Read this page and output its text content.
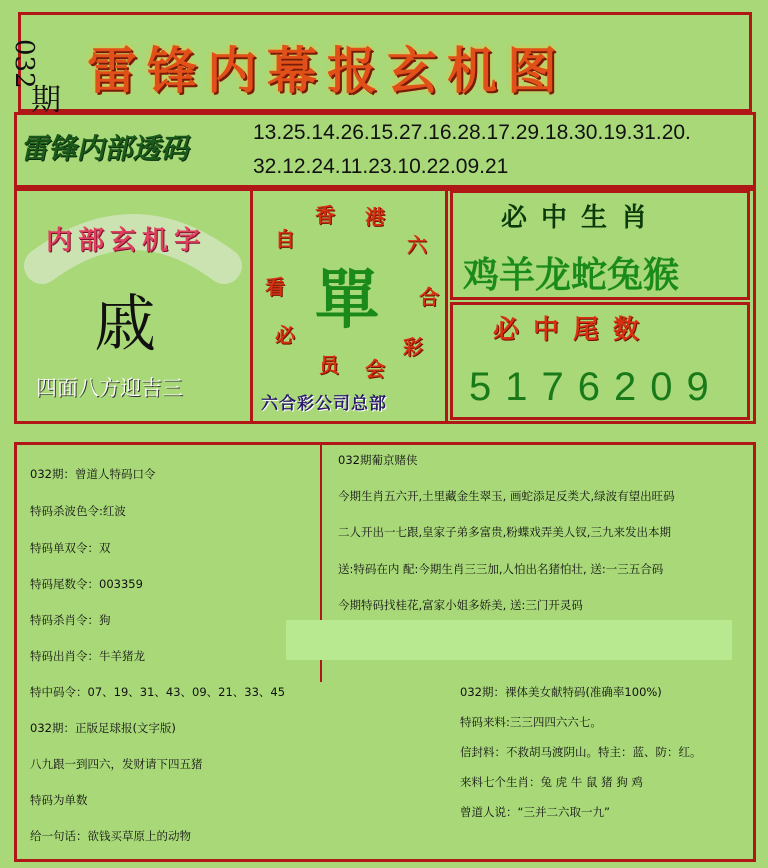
032
期
雷锋内幕报玄机图
雷锋内部透码	13.25.14.26.15.27.16.28.17.29.18.30.19.31.20.
32.12.24.11.23.10.22.09.21
内部玄机字
戚
四面八方迎吉三
香 港
六
合
彩
会
员
必
看
自
單
六合彩公司总部
必中生肖
鸡羊龙蛇兔猴
必中尾数
5176209
032期：曾道人特码口令
特码杀波色令:红波
特码单双令：双
特码尾数令：003359
特码杀肖令：狗
特码出肖令：牛羊猪龙
特中码令：07、19、31、43、09、21、33、45
032期：正版足球报(文字版)
八九跟一到四六，发财请下四五猪
特码为单数
给一句话：欲钱买草原上的动物
032期葡京赌侠
今期生肖五六开,土里藏金生翠玉, 画蛇添足反类犬,绿波有望出旺码
二人开出一七跟,皇家子弟多富贵,粉蝶戏弄美人钗,三九来发出本期
送:特码在内 配:今期生肖三三加,人怕出名猪怕壮, 送:一三五合码
今期特码找桂花,富家小姐多娇美, 送:三门开灵码
032期：裸体美女献特码(准确率100%)
特码来料:三三四四六六七。
信封料：不救胡马渡阴山。特主：蓝、防：红。
来料七个生肖：兔 虎 牛 鼠 猪 狗 鸡
曾道人说：“三并二六取一九”
